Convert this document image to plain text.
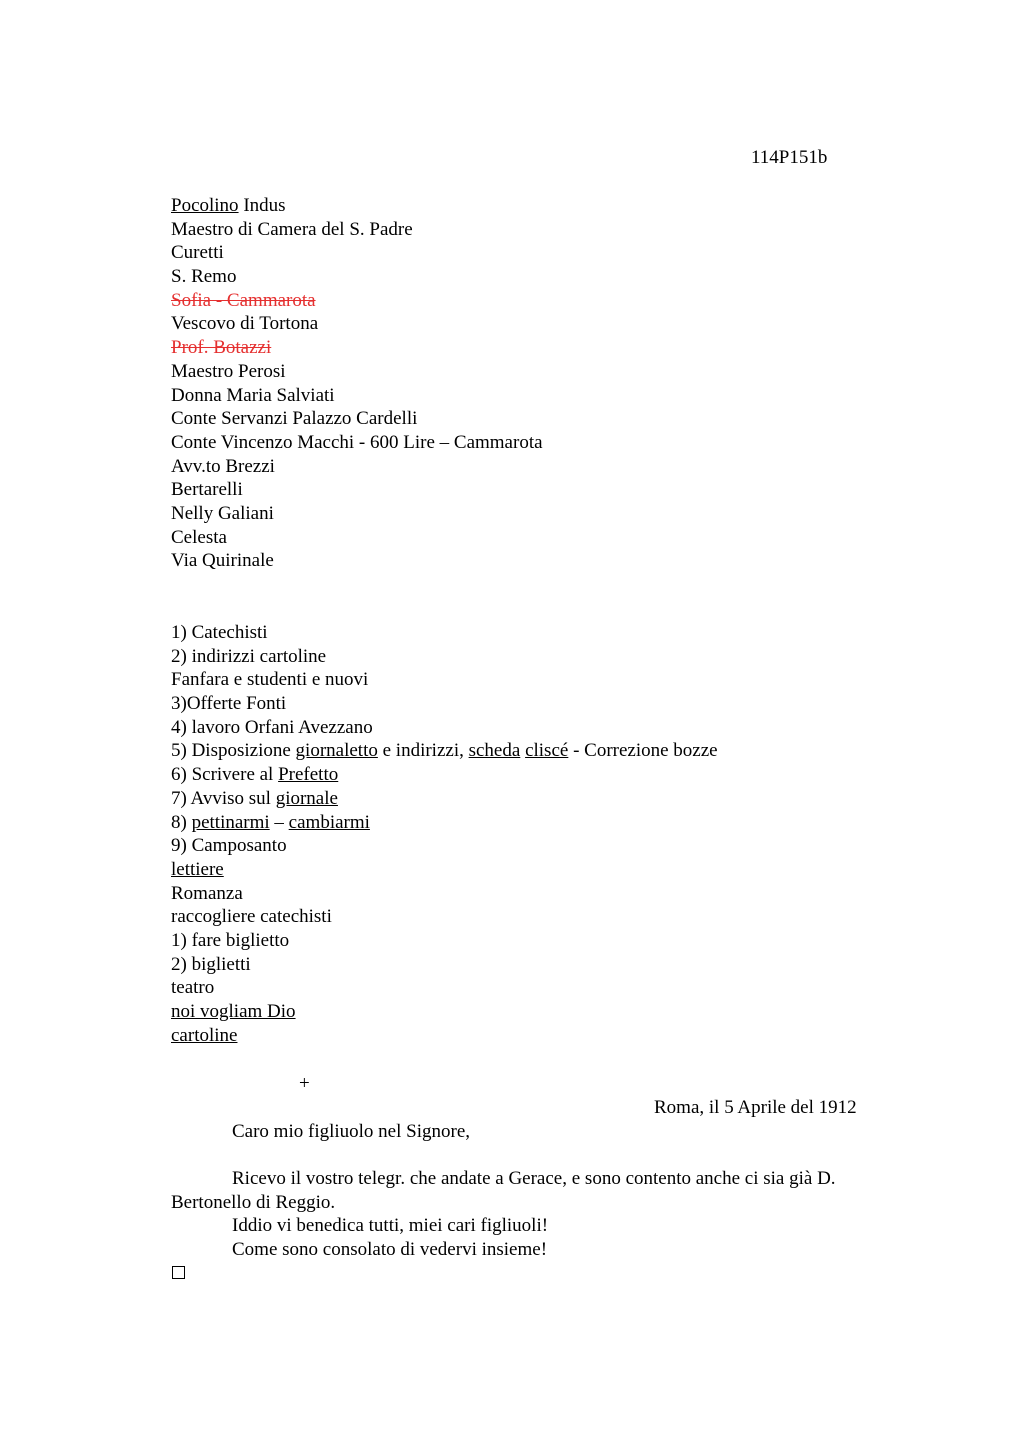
114P151b
Pocolino Indus
Maestro di Camera del S. Padre
Curetti
S. Remo
Sofia - Cammarota
Vescovo di Tortona
Prof. Botazzi
Maestro Perosi
Donna Maria Salviati
Conte Servanzi Palazzo Cardelli
Conte Vincenzo Macchi - 600 Lire – Cammarota
Avv.to Brezzi
Bertarelli
Nelly Galiani
Celesta
Via Quirinale
1) Catechisti
2) indirizzi cartoline
Fanfara e studenti e nuovi
3)Offerte Fonti
4) lavoro Orfani Avezzano
5) Disposizione giornaletto e indirizzi, scheda cliscé - Correzione bozze
6) Scrivere al Prefetto
7) Avviso sul giornale
8) pettinarmi – cambiarmi
9) Camposanto
lettiere
Romanza
raccogliere catechisti
1) fare biglietto
2) biglietti
teatro
noi vogliam Dio
cartoline
+
Roma, il 5 Aprile del 1912

Caro mio figliuolo nel Signore,

Ricevo il vostro telegr. che andate a Gerace, e sono contento anche ci sia già D. Bertonello di Reggio.

Iddio vi benedica tutti, miei cari figliuoli!

Come sono consolato di vedervi insieme!
